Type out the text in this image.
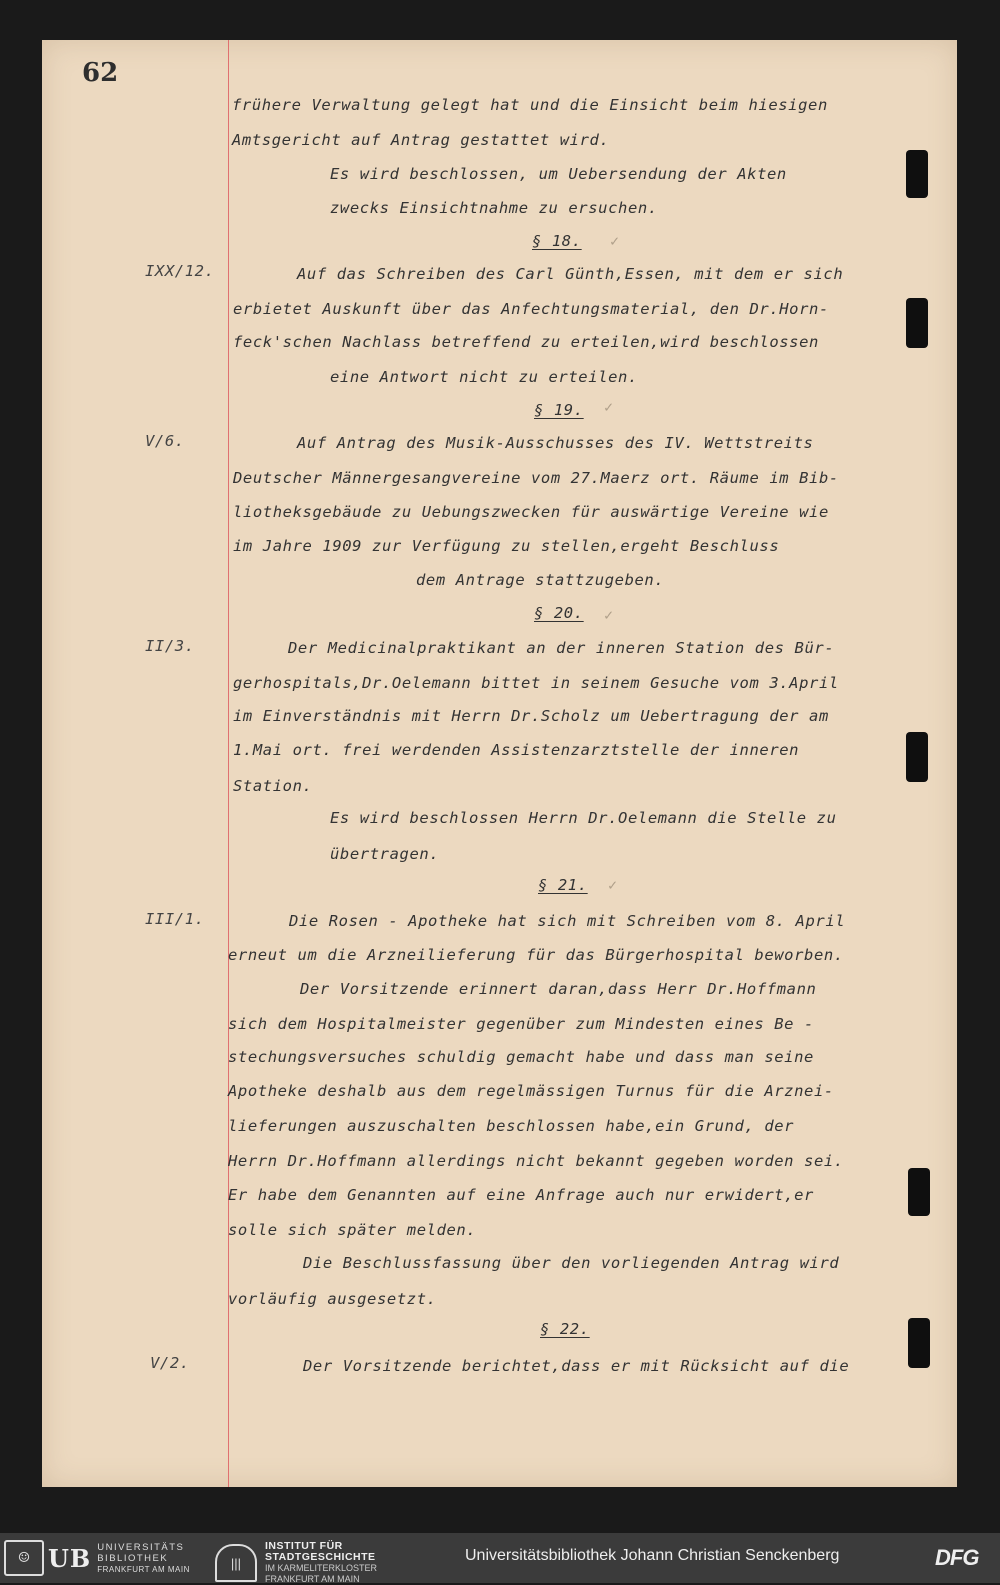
62
IXX/12.
V/6.
II/3.
III/1.
V/2.
§ 18.
§ 19.
§ 20.
§ 21.
§ 22.
✓
✓
✓
✓
frühere Verwaltung gelegt hat und die Einsicht beim hiesigen
Amtsgericht auf Antrag gestattet wird.
Es wird beschlossen, um Uebersendung der Akten
zwecks Einsichtnahme zu ersuchen.
Auf das Schreiben des Carl Günth,Essen, mit dem er sich
erbietet Auskunft über das Anfechtungsmaterial, den Dr.Horn-
feck'schen Nachlass betreffend zu erteilen,wird beschlossen
eine Antwort nicht zu erteilen.
Auf Antrag des Musik-Ausschusses des IV. Wettstreits
Deutscher Männergesangvereine vom 27.Maerz ort. Räume im Bib-
liotheksgebäude zu Uebungszwecken für auswärtige Vereine wie
im Jahre 1909 zur Verfügung zu stellen,ergeht Beschluss
dem Antrage stattzugeben.
Der Medicinalpraktikant an der inneren Station des Bür-
gerhospitals,Dr.Oelemann bittet in seinem Gesuche vom 3.April
im Einverständnis mit Herrn Dr.Scholz um Uebertragung der am
1.Mai ort. frei werdenden Assistenzarztstelle der inneren
Station.
Es wird beschlossen Herrn Dr.Oelemann die Stelle zu
übertragen.
Die Rosen - Apotheke hat sich mit Schreiben vom 8. April
erneut um die Arzneilieferung für das Bürgerhospital beworben.
Der Vorsitzende erinnert daran,dass Herr Dr.Hoffmann
sich dem Hospitalmeister gegenüber zum Mindesten eines Be -
stechungsversuches schuldig gemacht habe und dass man seine
Apotheke deshalb aus dem regelmässigen Turnus für die Arznei-
lieferungen auszuschalten beschlossen habe,ein Grund, der
Herrn Dr.Hoffmann allerdings nicht bekannt gegeben worden sei.
Er habe dem Genannten auf eine Anfrage auch nur erwidert,er
solle sich später melden.
Die Beschlussfassung über den vorliegenden Antrag wird
vorläufig ausgesetzt.
Der Vorsitzende berichtet,dass er mit Rücksicht auf die
☺ UB UNIVERSITÄTS
BIBLIOTHEK
FRANKFURT AM MAIN	|||
INSTITUT FÜR
STADTGESCHICHTE
IM KARMELITERKLOSTER
FRANKFURT AM MAIN
Universitätsbibliothek Johann Christian Senckenberg	DFG
